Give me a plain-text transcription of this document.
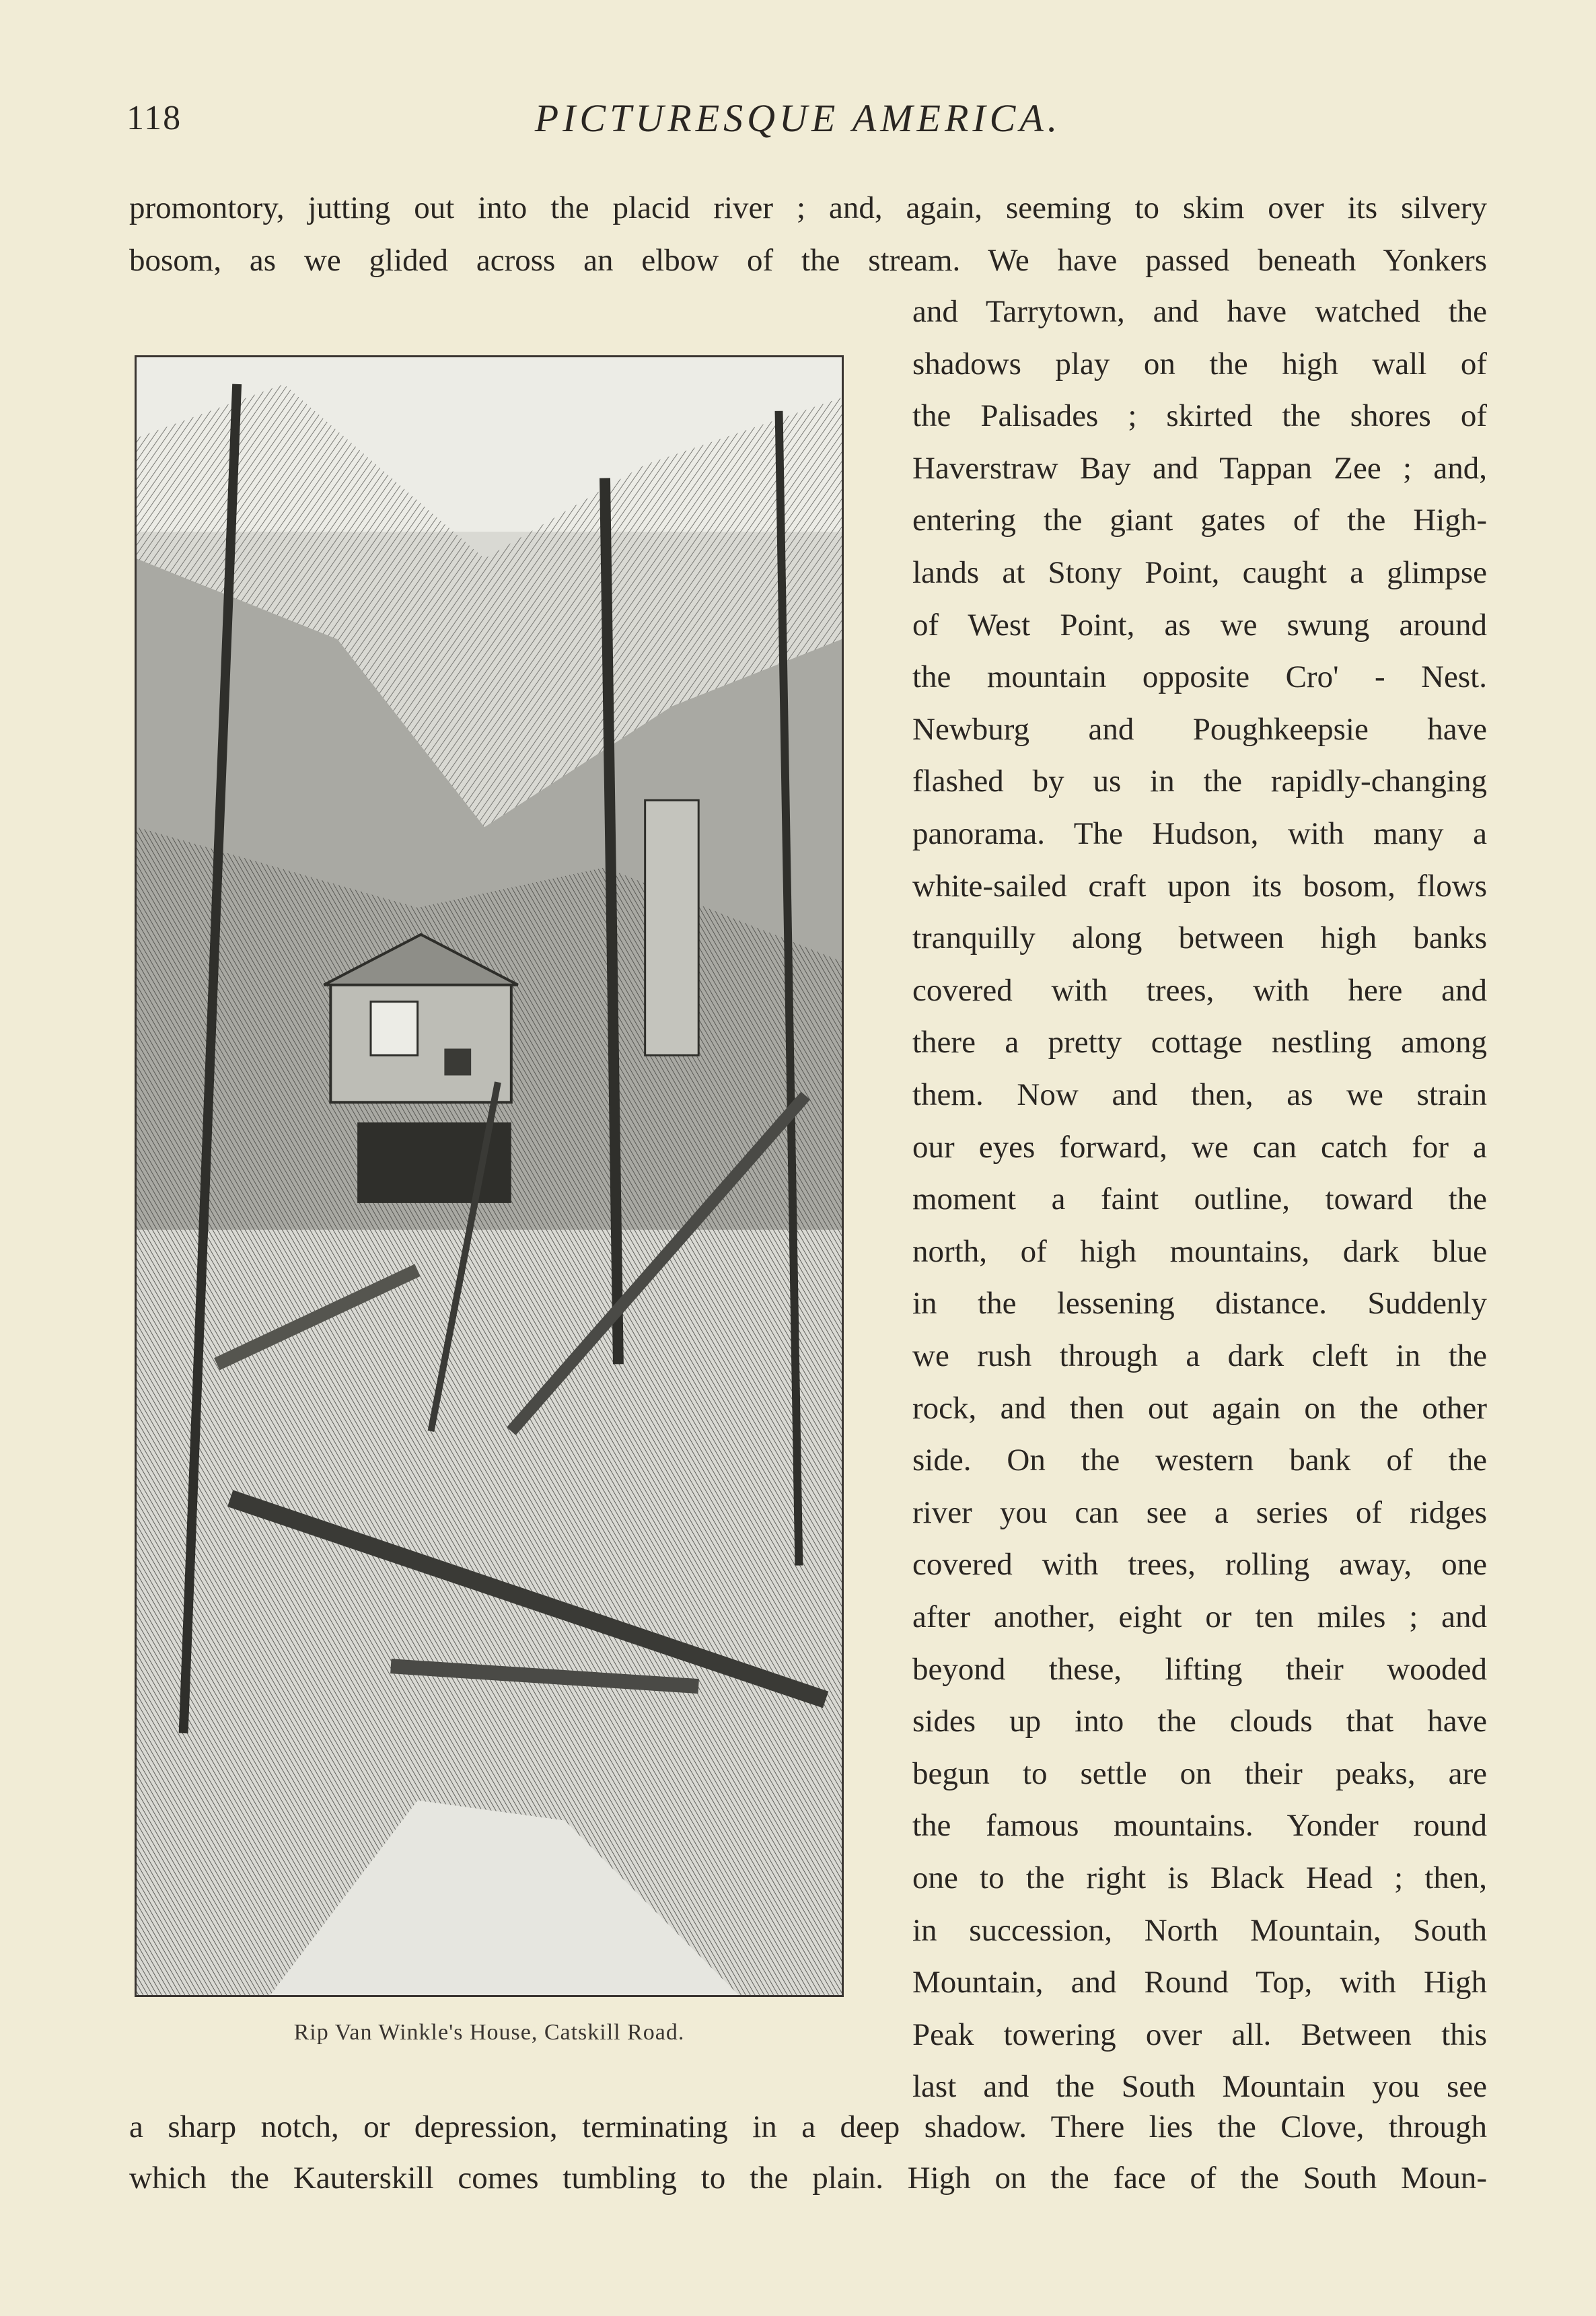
118	PICTURESQUE AMERICA.
promontory, jutting out into the placid river ; and, again, seeming to skim over its silvery
bosom, as we glided across an elbow of the stream. We have passed beneath Yonkers
and Tarrytown, and have watched the
shadows play on the high wall of
the Palisades ; skirted the shores of
Haverstraw Bay and Tappan Zee ; and,
entering the giant gates of the High-
lands at Stony Point, caught a glimpse
of West Point, as we swung around
the mountain opposite Cro' - Nest.
Newburg and Poughkeepsie have
flashed by us in the rapidly-changing
panorama. The Hudson, with many a
white-sailed craft upon its bosom, flows
tranquilly along between high banks
covered with trees, with here and
there a pretty cottage nestling among
them. Now and then, as we strain
our eyes forward, we can catch for a
moment a faint outline, toward the
north, of high mountains, dark blue
in the lessening distance. Suddenly
we rush through a dark cleft in the
rock, and then out again on the other
side. On the western bank of the
river you can see a series of ridges
covered with trees, rolling away, one
after another, eight or ten miles ; and
beyond these, lifting their wooded
sides up into the clouds that have
begun to settle on their peaks, are
the famous mountains. Yonder round
one to the right is Black Head ; then,
in succession, North Mountain, South
Mountain, and Round Top, with High
Peak towering over all. Between this
last and the South Mountain you see
a sharp notch, or depression, terminating in a deep shadow. There lies the Clove, through
which the Kauterskill comes tumbling to the plain. High on the face of the South Moun-
Rip Van Winkle's House, Catskill Road.
